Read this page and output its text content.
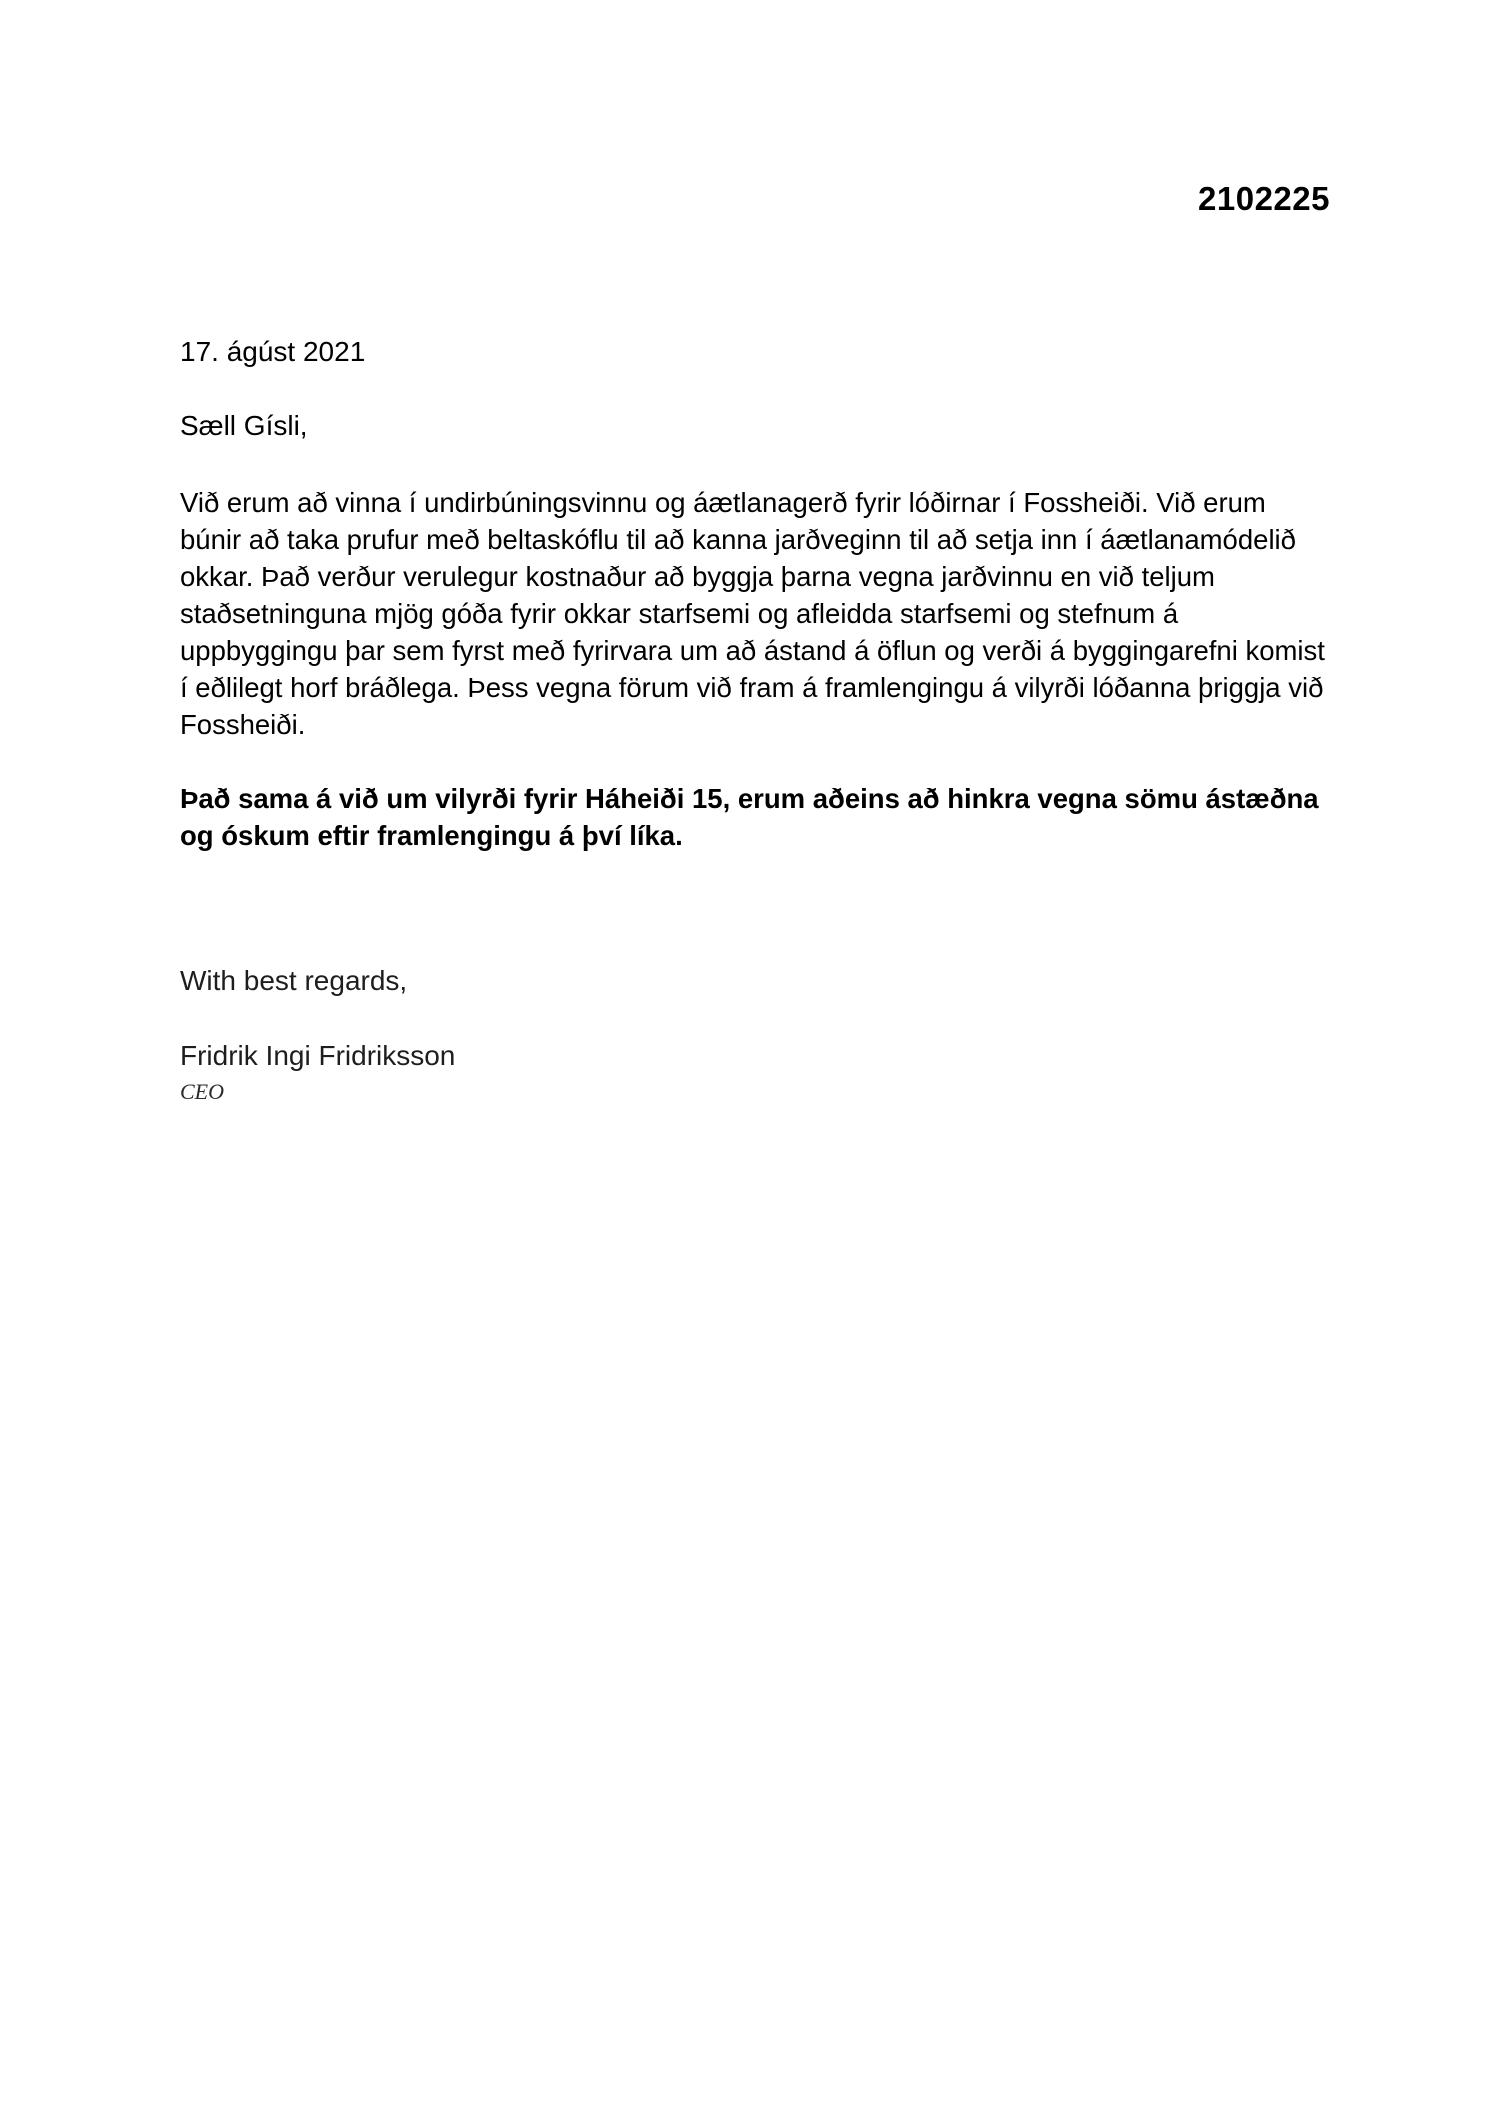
2102225
17. ágúst 2021
Sæll Gísli,
Við erum að vinna í undirbúningsvinnu og áætlanagerð fyrir lóðirnar í Fossheiði. Við erum búnir að taka prufur með beltaskóflu til að kanna jarðveginn til að setja inn í áætlanamódelið okkar. Það verður verulegur kostnaður að byggja þarna vegna jarðvinnu en við teljum staðsetninguna mjög góða fyrir okkar starfsemi og afleidda starfsemi og stefnum á uppbyggingu þar sem fyrst með fyrirvara um að ástand á öflun og verði á byggingarefni komist í eðlilegt horf bráðlega. Þess vegna förum við fram á framlengingu á vilyrði lóðanna þriggja við Fossheiði.
Það sama á við um vilyrði fyrir Háheiði 15, erum aðeins að hinkra vegna sömu ástæðna og óskum eftir framlengingu á því líka.
With best regards,
Fridrik Ingi Fridriksson
CEO
